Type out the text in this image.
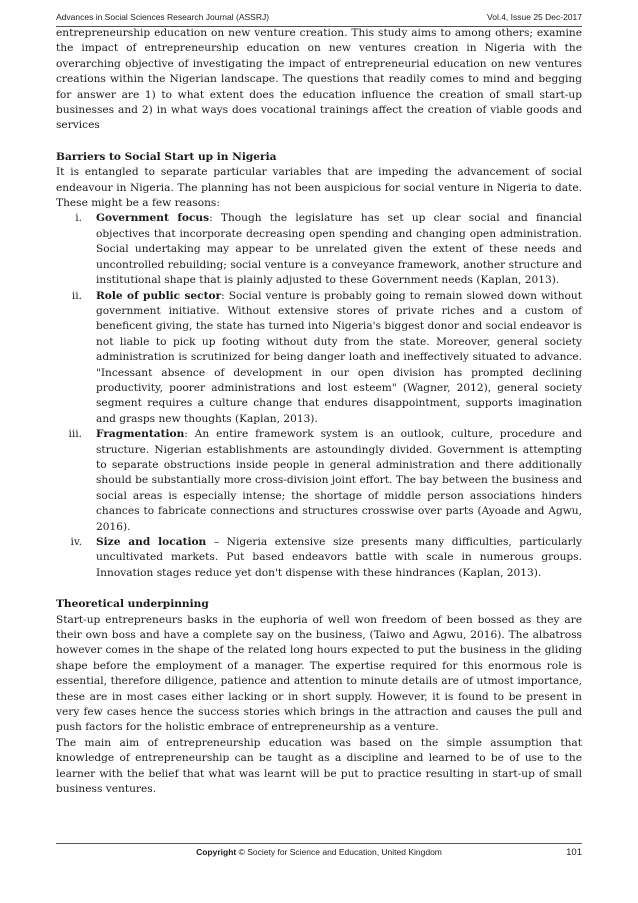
Advances in Social Sciences Research Journal (ASSRJ)	Vol.4, Issue 25 Dec-2017

entrepreneurship education on new venture creation. This study aims to among others; examine the impact of entrepreneurship education on new ventures creation in Nigeria with the overarching objective of investigating the impact of entrepreneurial education on new ventures creations within the Nigerian landscape. The questions that readily comes to mind and begging for answer are 1) to what extent does the education influence the creation of small start-up businesses and 2) in what ways does vocational trainings affect the creation of viable goods and services

Barriers to Social Start up in Nigeria

It is entangled to separate particular variables that are impeding the advancement of social endeavour in Nigeria. The planning has not been auspicious for social venture in Nigeria to date. These might be a few reasons:

i. Government focus: Though the legislature has set up clear social and financial objectives that incorporate decreasing open spending and changing open administration. Social undertaking may appear to be unrelated given the extent of these needs and uncontrolled rebuilding; social venture is a conveyance framework, another structure and institutional shape that is plainly adjusted to these Government needs (Kaplan, 2013).
ii. Role of public sector: Social venture is probably going to remain slowed down without government initiative. Without extensive stores of private riches and a custom of beneficent giving, the state has turned into Nigeria's biggest donor and social endeavor is not liable to pick up footing without duty from the state. Moreover, general society administration is scrutinized for being danger loath and ineffectively situated to advance. "Incessant absence of development in our open division has prompted declining productivity, poorer administrations and lost esteem" (Wagner, 2012), general society segment requires a culture change that endures disappointment, supports imagination and grasps new thoughts (Kaplan, 2013).
iii. Fragmentation: An entire framework system is an outlook, culture, procedure and structure. Nigerian establishments are astoundingly divided. Government is attempting to separate obstructions inside people in general administration and there additionally should be substantially more cross-division joint effort. The bay between the business and social areas is especially intense; the shortage of middle person associations hinders chances to fabricate connections and structures crosswise over parts (Ayoade and Agwu, 2016).
iv. Size and location – Nigeria extensive size presents many difficulties, particularly uncultivated markets. Put based endeavors battle with scale in numerous groups. Innovation stages reduce yet don't dispense with these hindrances (Kaplan, 2013).
Theoretical underpinning

Start-up entrepreneurs basks in the euphoria of well won freedom of been bossed as they are their own boss and have a complete say on the business, (Taiwo and Agwu, 2016). The albatross however comes in the shape of the related long hours expected to put the business in the gliding shape before the employment of a manager. The expertise required for this enormous role is essential, therefore diligence, patience and attention to minute details are of utmost importance, these are in most cases either lacking or in short supply. However, it is found to be present in very few cases hence the success stories which brings in the attraction and causes the pull and push factors for the holistic embrace of entrepreneurship as a venture.

The main aim of entrepreneurship education was based on the simple assumption that knowledge of entrepreneurship can be taught as a discipline and learned to be of use to the learner with the belief that what was learnt will be put to practice resulting in start-up of small business ventures.

Copyright © Society for Science and Education, United Kingdom	101
